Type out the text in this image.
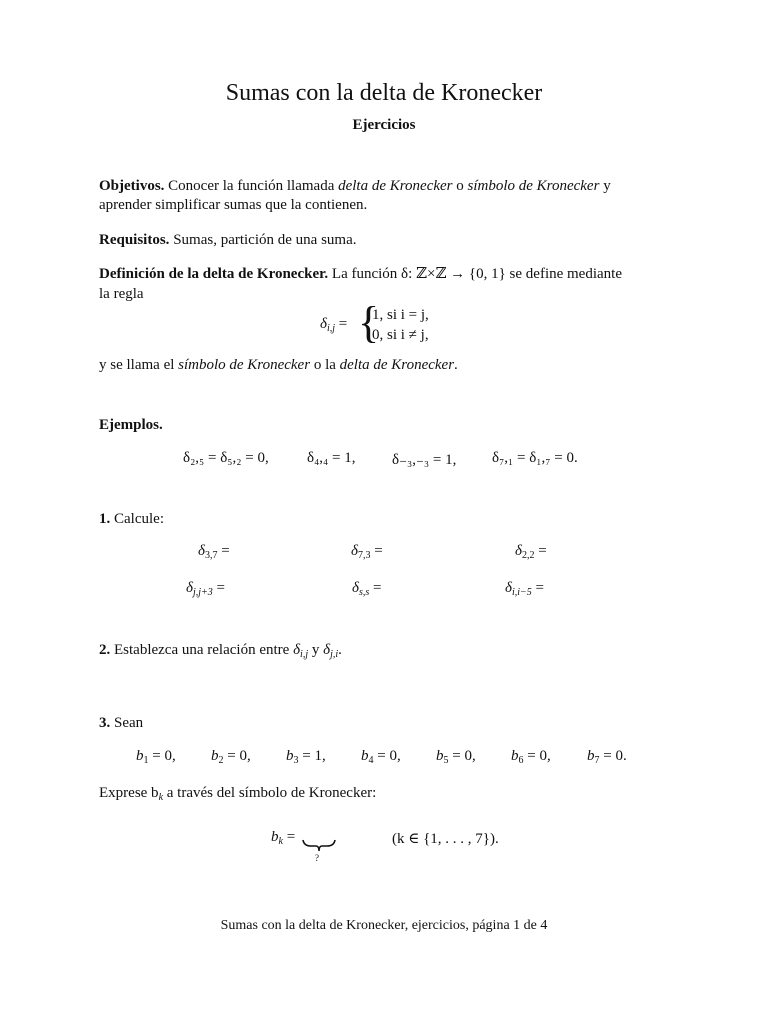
Sumas con la delta de Kronecker
Ejercicios
Objetivos. Conocer la función llamada delta de Kronecker o símbolo de Kronecker y
aprender simplificar sumas que la contienen.
Requisitos. Sumas, partición de una suma.
Definición de la delta de Kronecker. La función δ: ℤ×ℤ → {0, 1} se define mediante
la regla
$\delta_{i,j}$ = {
1, si i = j,
0, si i ≠ j,
y se llama el símbolo de Kronecker o la delta de Kronecker.
Ejemplos.
δ₂,₅ = δ₅,₂ = 0,	δ₄,₄ = 1, δ₋₃,₋₃ = 1, δ₇,₁ = δ₁,₇ = 0.
1. Calcule:
$\delta_{3,7}$ =	$\delta_{7,3}$ =	$\delta_{2,2}$ =
$\delta_{j,j+3}$ =	$\delta_{s,s}$ =	$\delta_{i,i-5}$ =
2. Establezca una relación entre $\delta_{i,j}$ y $\delta_{j,i}$.
3. Sean
$b_1 = 0$, $b_2 = 0$, $b_3 = 1$, $b_4 = 0$, $b_5 = 0$, $b_6 = 0$, $b_7 = 0$.
Exprese $b_k$ a través del símbolo de Kronecker:
$b_k$ =
?
(k ∈ {1, . . . , 7}).
Sumas con la delta de Kronecker, ejercicios, página 1 de 4
